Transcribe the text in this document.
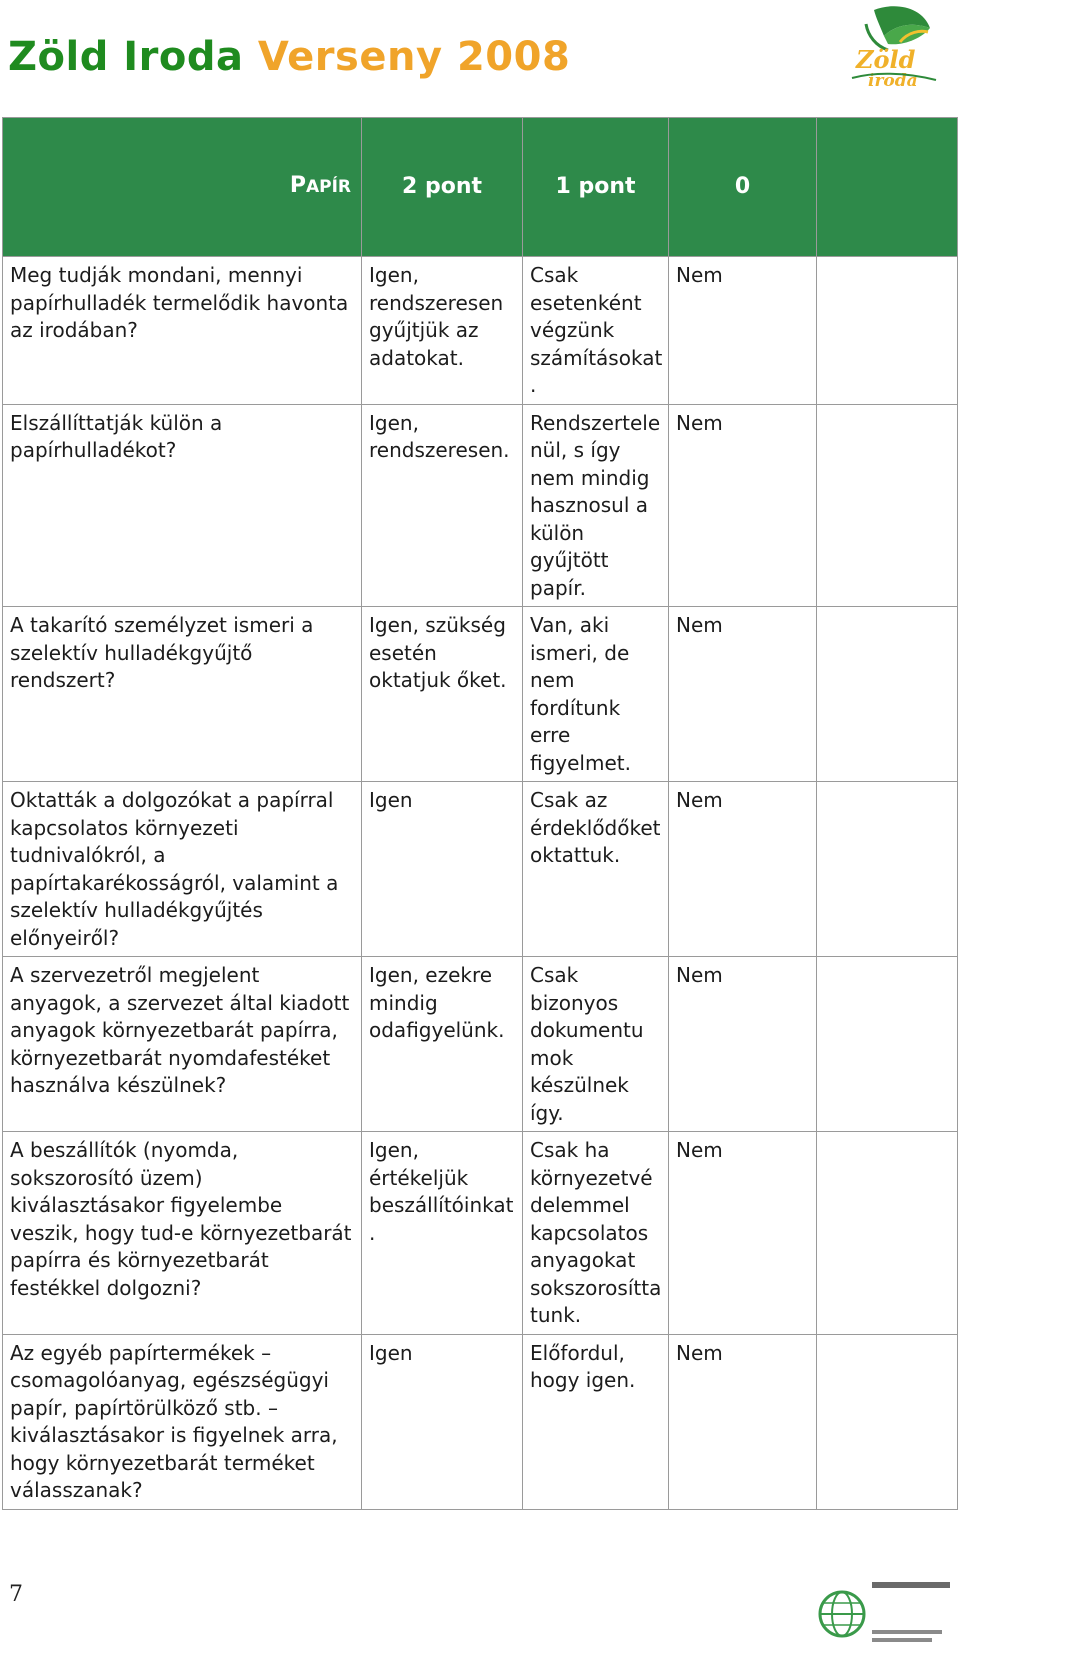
Zöld Iroda Verseny 2008	Zöld
iroda
PAPÍR	2 pont	1 pont	0		Ránk ez
nem
vonatkozi
k

Meg tudják mondani, mennyi papírhulladék termelődik havonta az irodában?	Igen, rendszeresen gyűjtjük az adatokat.	Csak esetenként végzünk számításokat .	Nem		
Elszállíttatják külön a papírhulladékot?	Igen, rendszeresen.	Rendszertele nül, s így nem mindig hasznosul a külön gyűjtött papír.	Nem		
A takarító személyzet ismeri a szelektív hulladékgyűjtő rendszert?	Igen, szükség esetén oktatjuk őket.	Van, aki ismeri, de nem fordítunk erre figyelmet.	Nem		
Oktatták a dolgozókat a papírral kapcsolatos környezeti tudnivalókról, a papírtakarékosságról, valamint a szelektív hulladékgyűjtés előnyeiről?	Igen	Csak az érdeklődőket oktattuk.	Nem		
A szervezetről megjelent anyagok, a szervezet által kiadott anyagok környezetbarát papírra, környezetbarát nyomdafestéket használva készülnek?	Igen, ezekre mindig odafigyelünk.	Csak bizonyos dokumentu mok készülnek így.	Nem		
A beszállítók (nyomda, sokszorosító üzem) kiválasztásakor figyelembe veszik, hogy tud-e környezetbarát papírra és környezetbarát festékkel dolgozni?	Igen, értékeljük beszállítóinkat .	Csak ha környezetvé delemmel kapcsolatos anyagokat sokszorosítta tunk.	Nem		
Az egyéb papírtermékek – csomagolóanyag, egészségügyi papír, papírtörülköző stb. – kiválasztásakor is figyelnek arra, hogy környezetbarát terméket válasszanak?	Igen	Előfordul, hogy igen.	Nem		
7
